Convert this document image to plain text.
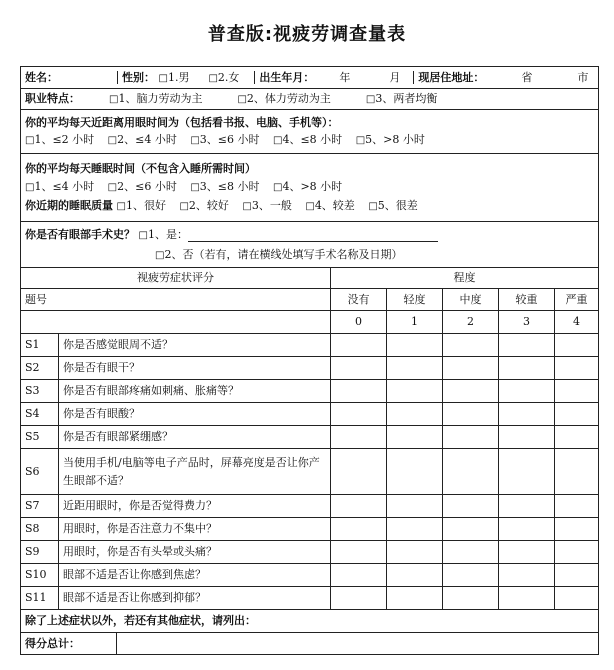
普查版:视疲劳调查量表
姓名： 性别： □ 1.男 □ 2.女 出生年月： 年 月 现居住地址： 省 市
职业特点： □ 1、脑力劳动为主 □ 2、体力劳动为主 □ 3、两者均衡

你的平均每天近距离用眼时间为（包括看书报、电脑、手机等）：
□ 1、≤2 小时 □ 2、≤4 小时 □ 3、≤6 小时 □ 4、≤8 小时 □ 5、>8 小时

你的平均每天睡眠时间（不包含入睡所需时间）
□ 1、≤4 小时 □ 2、≤6 小时 □ 3、≤8 小时 □ 4、>8 小时
你近期的睡眠质量 □ 1、很好 □ 2、较好 □ 3、一般 □ 4、较差 □ 5、很差

你是否有眼部手术史？ □ 1、是：
□ 2、否（若有，请在横线处填写手术名称及日期）

视疲劳症状评分			程度				
题号			没有	轻度	中度	较重	严重
			0	1	2	3	4
S1	你是否感觉眼周不适？						
S2	你是否有眼干？						
S3	你是否有眼部疼痛如刺痛、胀痛等？						
S4	你是否有眼酸？						
S5	你是否有眼部紧绷感？						
S6	当使用手机/电脑等电子产品时，屏幕亮度是否让你产生眼部不适？						
S7	近距用眼时，你是否觉得费力？						
S8	用眼时，你是否注意力不集中？						
S9	用眼时，你是否有头晕或头痛？						
S10	眼部不适是否让你感到焦虑？						
S11	眼部不适是否让你感到抑郁？						
除了上述症状以外，若还有其他症状，请列出：							
得分总计：							
